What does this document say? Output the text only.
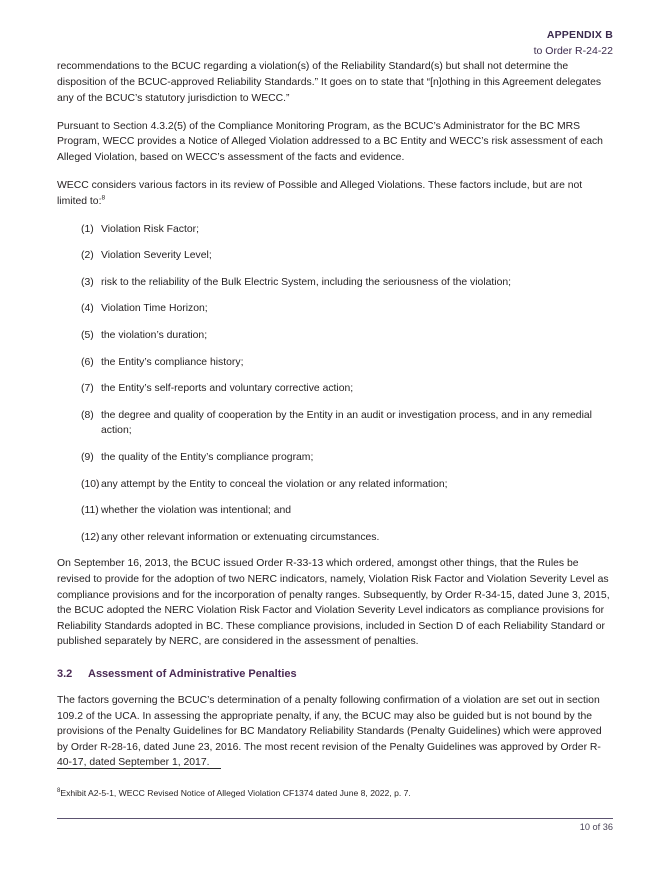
APPENDIX B
to Order R-24-22

recommendations to the BCUC regarding a violation(s) of the Reliability Standard(s) but shall not determine the disposition of the BCUC-approved Reliability Standards.” It goes on to state that “[n]othing in this Agreement delegates any of the BCUC’s statutory jurisdiction to WECC.”

Pursuant to Section 4.3.2(5) of the Compliance Monitoring Program, as the BCUC’s Administrator for the BC MRS Program, WECC provides a Notice of Alleged Violation addressed to a BC Entity and WECC’s risk assessment of each Alleged Violation, based on WECC’s assessment of the facts and evidence.

WECC considers various factors in its review of Possible and Alleged Violations. These factors include, but are not limited to:$^8$

(1) Violation Risk Factor;
(2) Violation Severity Level;
(3) risk to the reliability of the Bulk Electric System, including the seriousness of the violation;
(4) Violation Time Horizon;
(5) the violation’s duration;
(6) the Entity’s compliance history;
(7) the Entity’s self-reports and voluntary corrective action;
(8) the degree and quality of cooperation by the Entity in an audit or investigation process, and in any remedial action;
(9) the quality of the Entity’s compliance program;
(10) any attempt by the Entity to conceal the violation or any related information;
(11) whether the violation was intentional; and
(12) any other relevant information or extenuating circumstances.

On September 16, 2013, the BCUC issued Order R-33-13 which ordered, amongst other things, that the Rules be revised to provide for the adoption of two NERC indicators, namely, Violation Risk Factor and Violation Severity Level as compliance provisions and for the incorporation of penalty ranges. Subsequently, by Order R-34-15, dated June 3, 2015, the BCUC adopted the NERC Violation Risk Factor and Violation Severity Level indicators as compliance provisions for Reliability Standards adopted in BC. These compliance provisions, included in Section D of each Reliability Standard or published separately by NERC, are considered in the assessment of penalties.

3.2 Assessment of Administrative Penalties

The factors governing the BCUC’s determination of a penalty following confirmation of a violation are set out in section 109.2 of the UCA. In assessing the appropriate penalty, if any, the BCUC may also be guided but is not bound by the provisions of the Penalty Guidelines for BC Mandatory Reliability Standards (Penalty Guidelines) which were approved by Order R-28-16, dated June 23, 2016. The most recent revision of the Penalty Guidelines was approved by Order R-40-17, dated September 1, 2017.

$^8$Exhibit A2-5-1, WECC Revised Notice of Alleged Violation CF1374 dated June 8, 2022, p. 7.

10 of 36
